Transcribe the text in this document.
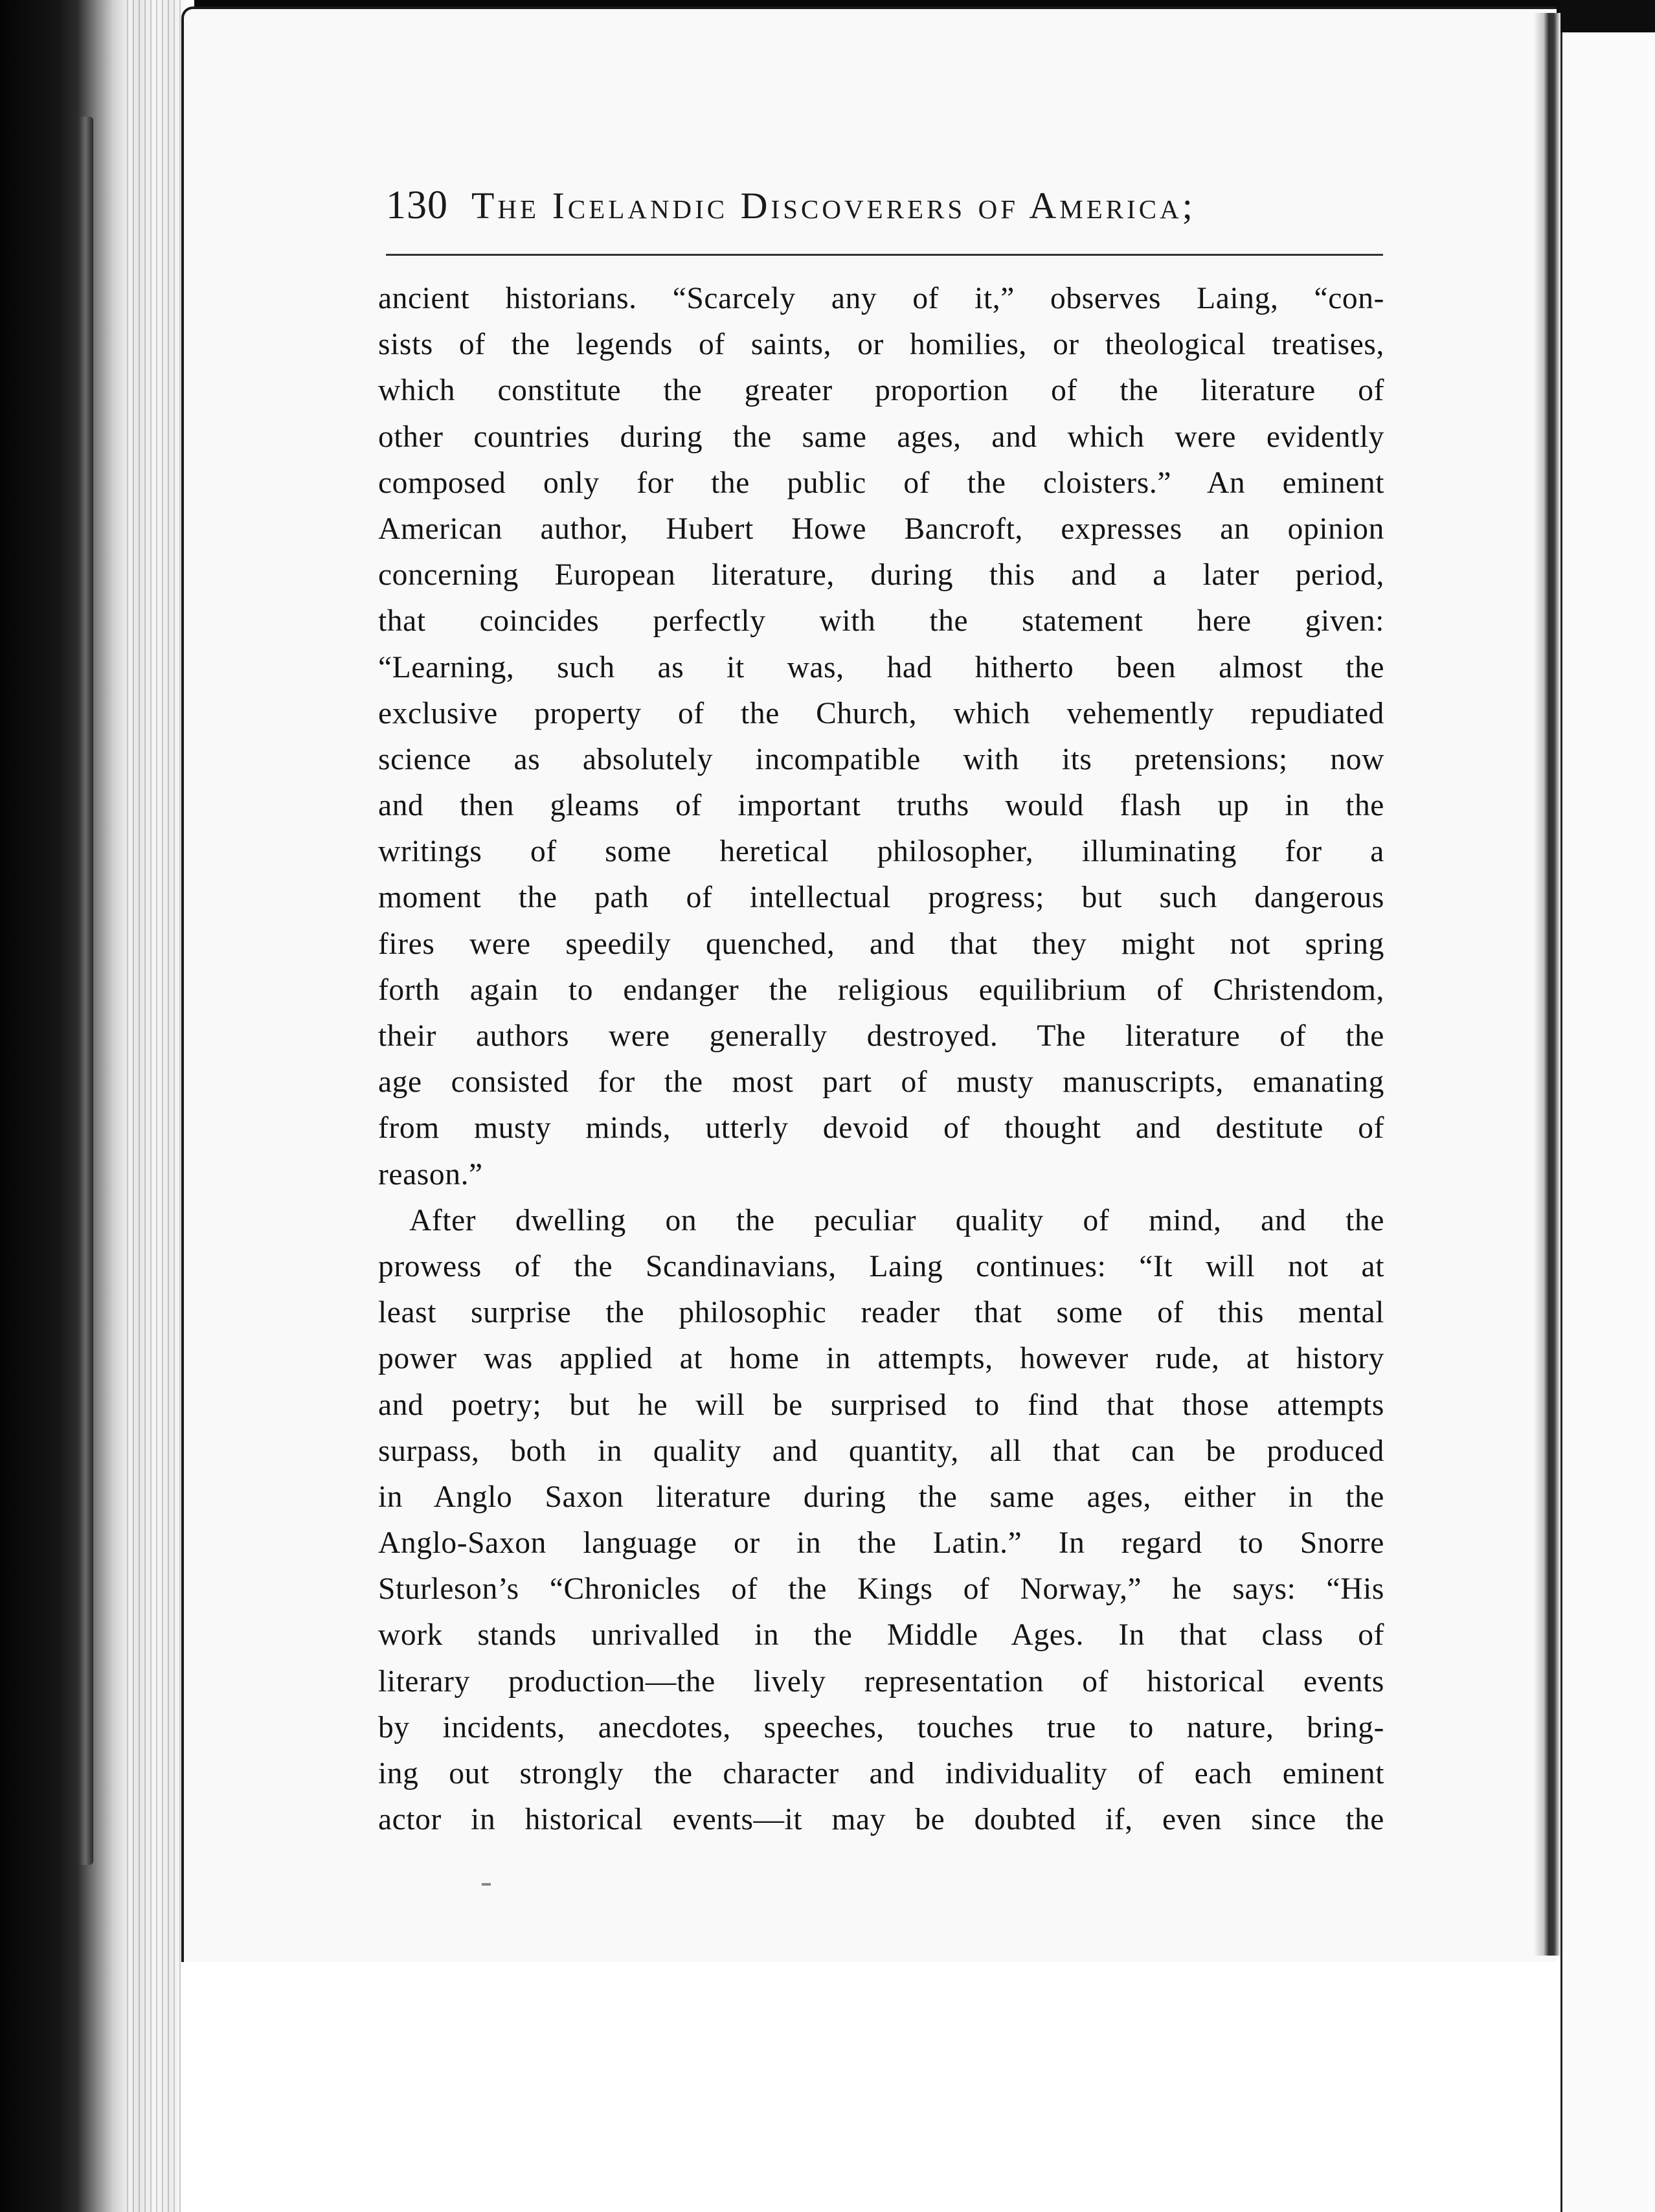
130 The Icelandic Discoverers of America;
ancient historians. “Scarcely any of it,” observes Laing, “con-
sists of the legends of saints, or homilies, or theological treatises,
which constitute the greater proportion of the literature of
other countries during the same ages, and which were evidently
composed only for the public of the cloisters.” An eminent
American author, Hubert Howe Bancroft, expresses an opinion
concerning European literature, during this and a later period,
that coincides perfectly with the statement here given:
“Learning, such as it was, had hitherto been almost the
exclusive property of the Church, which vehemently repudiated
science as absolutely incompatible with its pretensions; now
and then gleams of important truths would flash up in the
writings of some heretical philosopher, illuminating for a
moment the path of intellectual progress; but such dangerous
fires were speedily quenched, and that they might not spring
forth again to endanger the religious equilibrium of Christendom,
their authors were generally destroyed. The literature of the
age consisted for the most part of musty manuscripts, emanating
from musty minds, utterly devoid of thought and destitute of
reason.”
After dwelling on the peculiar quality of mind, and the
prowess of the Scandinavians, Laing continues: “It will not at
least surprise the philosophic reader that some of this mental
power was applied at home in attempts, however rude, at history
and poetry; but he will be surprised to find that those attempts
surpass, both in quality and quantity, all that can be produced
in Anglo Saxon literature during the same ages, either in the
Anglo-Saxon language or in the Latin.” In regard to Snorre
Sturleson’s “Chronicles of the Kings of Norway,” he says: “His
work stands unrivalled in the Middle Ages. In that class of
literary production—the lively representation of historical events
by incidents, anecdotes, speeches, touches true to nature, bring-
ing out strongly the character and individuality of each eminent
actor in historical events—it may be doubted if, even since the
